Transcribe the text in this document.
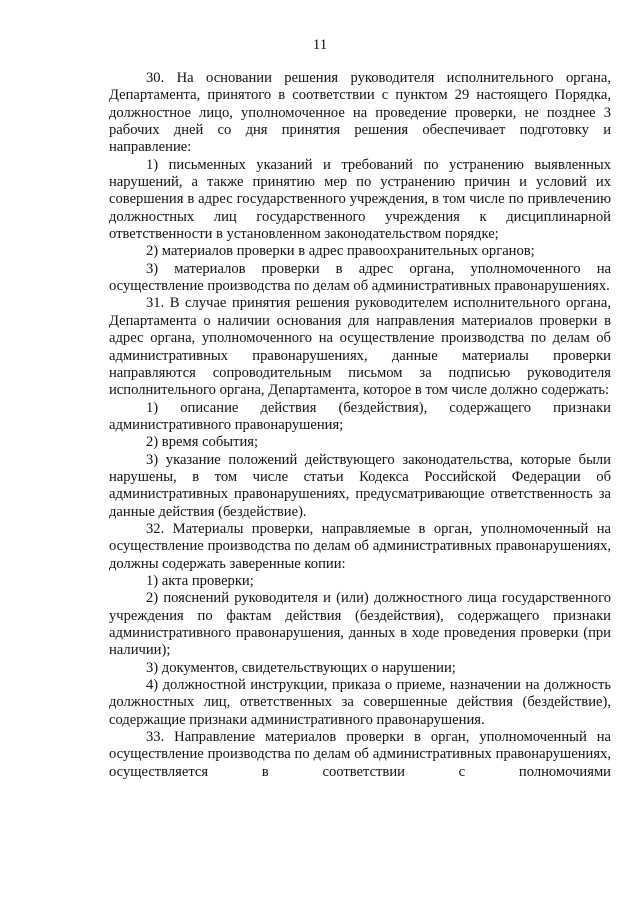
11

30. На основании решения руководителя исполнительного органа, Департамента, принятого в соответствии с пунктом 29 настоящего Порядка, должностное лицо, уполномоченное на проведение проверки, не позднее 3 рабочих дней со дня принятия решения обеспечивает подготовку и направление:

1) письменных указаний и требований по устранению выявленных нарушений, а также принятию мер по устранению причин и условий их совершения в адрес государственного учреждения, в том числе по привлечению должностных лиц государственного учреждения к дисциплинарной ответственности в установленном законодательством порядке;

2) материалов проверки в адрес правоохранительных органов;

3) материалов проверки в адрес органа, уполномоченного на осуществление производства по делам об административных правонарушениях.

31. В случае принятия решения руководителем исполнительного органа, Департамента о наличии основания для направления материалов проверки в адрес органа, уполномоченного на осуществление производства по делам об административных правонарушениях, данные материалы проверки направляются сопроводительным письмом за подписью руководителя исполнительного органа, Департамента, которое в том числе должно содержать:

1) описание действия (бездействия), содержащего признаки административного правонарушения;

2) время события;

3) указание положений действующего законодательства, которые были нарушены, в том числе статьи Кодекса Российской Федерации об административных правонарушениях, предусматривающие ответственность за данные действия (бездействие).

32. Материалы проверки, направляемые в орган, уполномоченный на осуществление производства по делам об административных правонарушениях, должны содержать заверенные копии:

1) акта проверки;

2) пояснений руководителя и (или) должностного лица государственного учреждения по фактам действия (бездействия), содержащего признаки административного правонарушения, данных в ходе проведения проверки (при наличии);

3) документов, свидетельствующих о нарушении;

4) должностной инструкции, приказа о приеме, назначении на должность должностных лиц, ответственных за совершенные действия (бездействие), содержащие признаки административного правонарушения.

33. Направление материалов проверки в орган, уполномоченный на осуществление производства по делам об административных правонарушениях, осуществляется в соответствии с полномочиями
